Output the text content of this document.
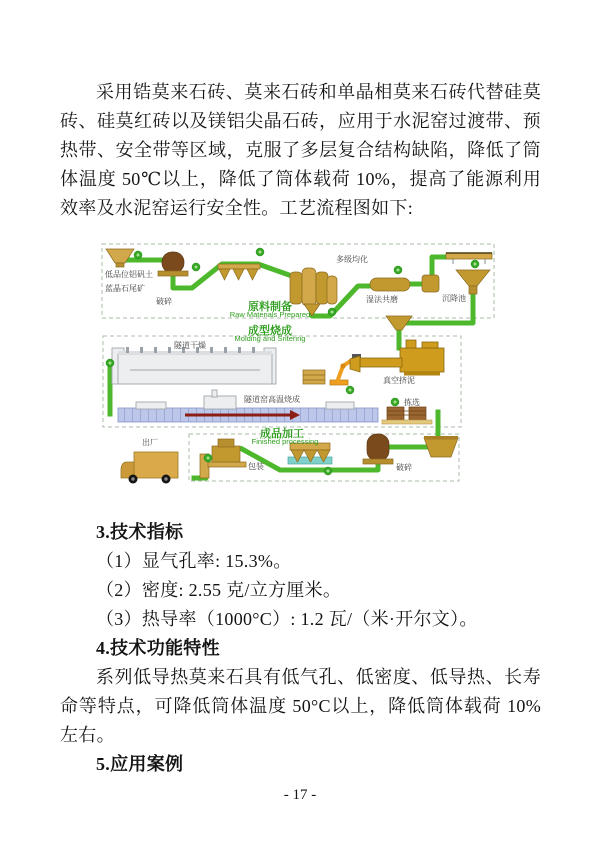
采用锆莫来石砖、莫来石砖和单晶相莫来石砖代替硅莫砖、硅莫红砖以及镁铝尖晶石砖，应用于水泥窑过渡带、预热带、安全带等区域，克服了多层复合结构缺陷，降低了筒体温度 50℃以上，降低了筒体载荷 10%，提高了能源利用效率及水泥窑运行安全性。工艺流程图如下:

低品位铝矾土
蓝晶石尾矿
破碎
多级均化
湿法共磨	沉降池
原料制备
Raw Materials Prepared
成型烧成
Molding and Sntering
隧道干燥
真空挤泥
隧道窑高温烧成	拣选
成品加工
Finished processing
出厂
包装	破碎
3.技术指标
（1）显气孔率: 15.3%。
（2）密度: 2.55 克/立方厘米。
（3）热导率（1000°C）: 1.2 瓦/（米·开尔文）。
4.技术功能特性

系列低导热莫来石具有低气孔、低密度、低导热、长寿命等特点，可降低筒体温度 50°C以上，降低筒体载荷 10%左右。

5.应用案例
- 17 -
